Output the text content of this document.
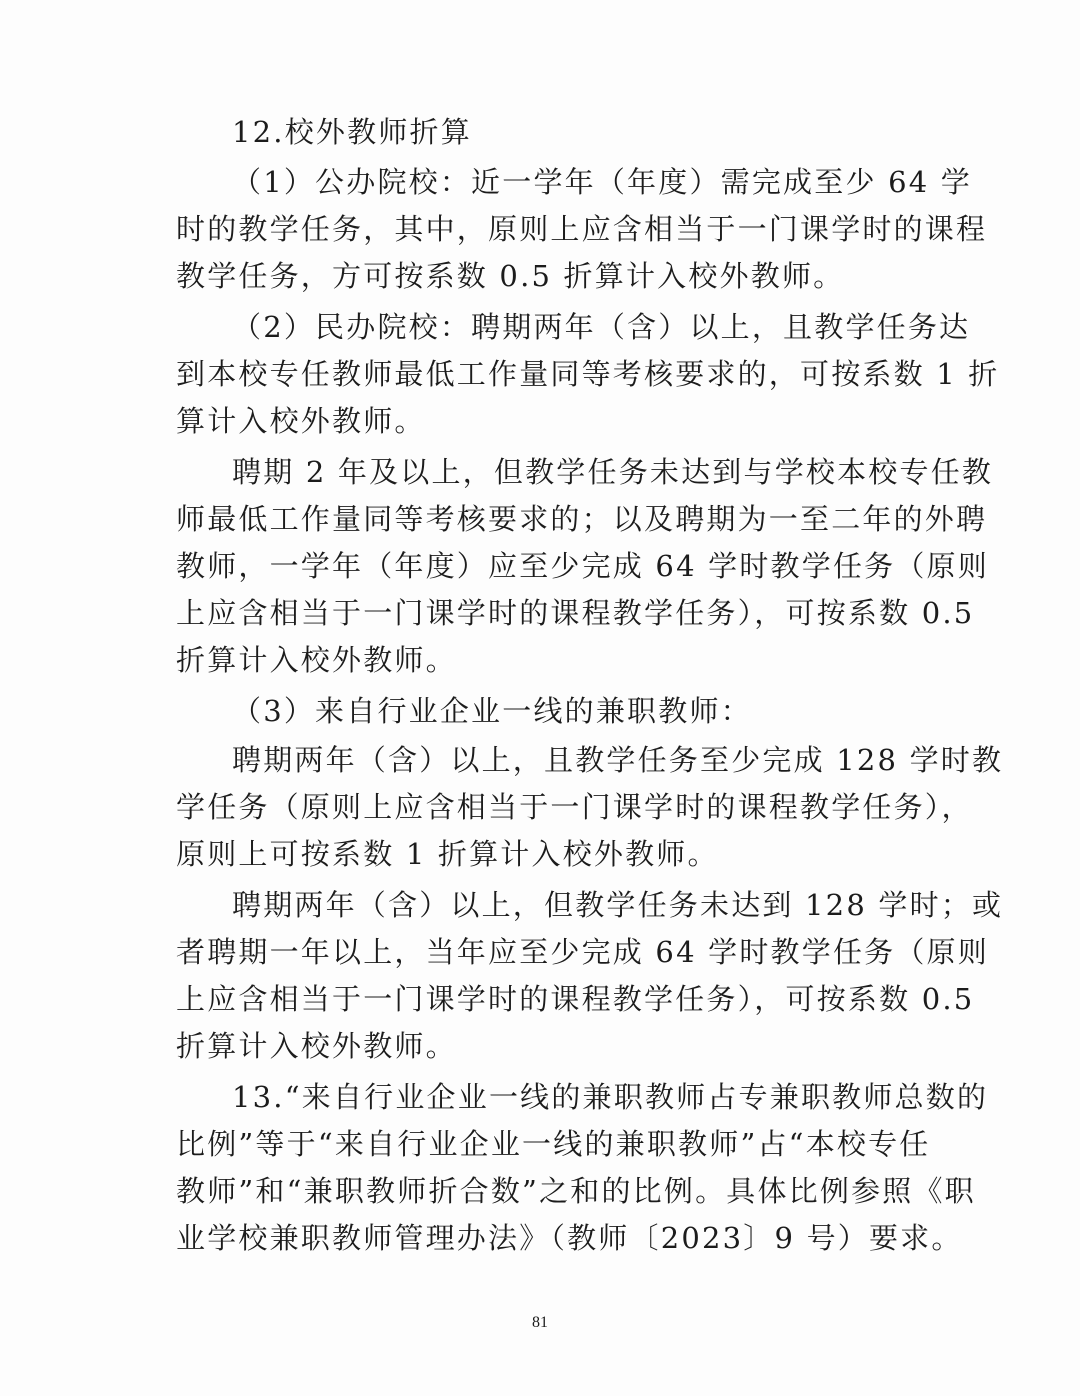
12.校外教师折算
（1）公办院校：近一学年（年度）需完成至少 64 学
时的教学任务，其中，原则上应含相当于一门课学时的课程
教学任务，方可按系数 0.5 折算计入校外教师。
（2）民办院校：聘期两年（含）以上，且教学任务达
到本校专任教师最低工作量同等考核要求的，可按系数 1 折
算计入校外教师。
聘期 2 年及以上，但教学任务未达到与学校本校专任教
师最低工作量同等考核要求的；以及聘期为一至二年的外聘
教师，一学年（年度）应至少完成 64 学时教学任务（原则
上应含相当于一门课学时的课程教学任务），可按系数 0.5
折算计入校外教师。
（3）来自行业企业一线的兼职教师：
聘期两年（含）以上，且教学任务至少完成 128 学时教
学任务（原则上应含相当于一门课学时的课程教学任务），
原则上可按系数 1 折算计入校外教师。
聘期两年（含）以上，但教学任务未达到 128 学时；或
者聘期一年以上，当年应至少完成 64 学时教学任务（原则
上应含相当于一门课学时的课程教学任务），可按系数 0.5
折算计入校外教师。
13.“来自行业企业一线的兼职教师占专兼职教师总数的
比例”等于“来自行业企业一线的兼职教师”占“本校专任
教师”和“兼职教师折合数”之和的比例。具体比例参照《职
业学校兼职教师管理办法》（教师〔2023〕9 号）要求。
81
